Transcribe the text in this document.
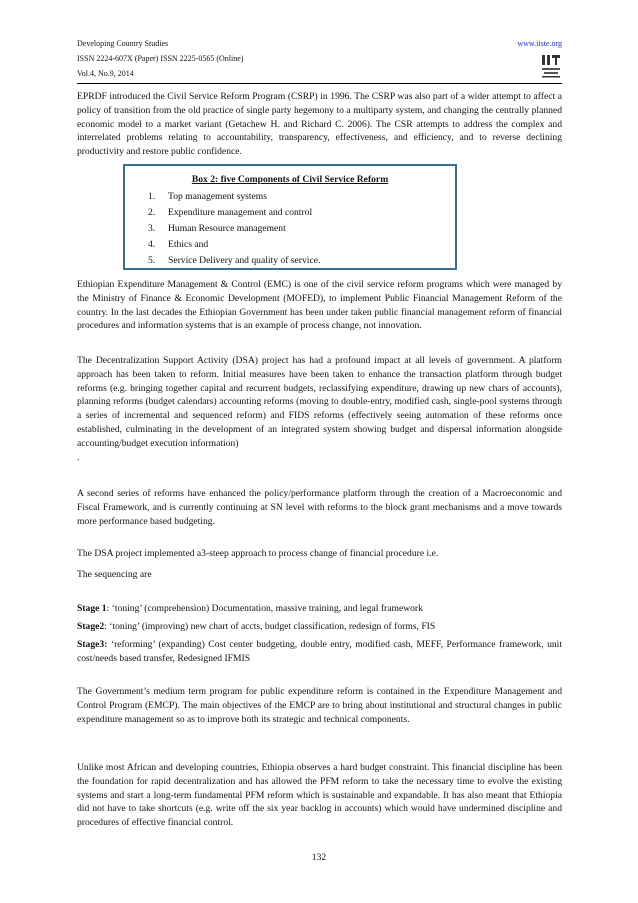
Developing Country Studies
ISSN 2224-607X (Paper) ISSN 2225-0565 (Online)
Vol.4, No.9, 2014
www.iiste.org

EPRDF introduced the Civil Service Reform Program (CSRP) in 1996. The CSRP was also part of a wider attempt to affect a policy of transition from the old practice of single party hegemony to a multiparty system, and changing the centrally planned economic model to a market variant (Getachew H. and Richard C. 2006). The CSR attempts to address the complex and interrelated problems relating to accountability, transparency, effectiveness, and efficiency, and to reverse declining productivity and restore public confidence.

Box 2: five Components of Civil Service Reform
1. Top management systems
2. Expenditure management and control
3. Human Resource management
4. Ethics and
5. Service Delivery and quality of service.

Ethiopian Expenditure Management & Control (EMC) is one of the civil service reform programs which were managed by the Ministry of Finance & Economic Development (MOFED), to implement Public Financial Management Reform of the country. In the last decades the Ethiopian Government has been under taken public financial management reform of financial procedures and information systems that is an example of process change, not innovation.

The Decentralization Support Activity (DSA) project has had a profound impact at all levels of government. A platform approach has been taken to reform. Initial measures have been taken to enhance the transaction platform through budget reforms (e.g. bringing together capital and recurrent budgets, reclassifying expenditure, drawing up new chars of accounts), planning reforms (budget calendars) accounting reforms (moving to double-entry, modified cash, single-pool systems through a series of incremental and sequenced reform) and FIDS reforms (effectively seeing automation of these reforms once established, culminating in the development of an integrated system showing budget and dispersal information alongside accounting/budget execution information)

.

A second series of reforms have enhanced the policy/performance platform through the creation of a Macroeconomic and Fiscal Framework, and is currently continuing at SN level with reforms to the block grant mechanisms and a move towards more performance based budgeting.

The DSA project implemented a3-steep approach to process change of financial procedure i.e.

The sequencing are

Stage 1: ‘toning’ (comprehension) Documentation, massive training, and legal framework

Stage2: ‘toning’ (improving) new chart of accts, budget classification, redesign of forms, FIS

Stage3: ‘reforming’ (expanding) Cost center budgeting, double entry, modified cash, MEFF, Performance framework, unit cost/needs based transfer, Redesigned IFMIS

The Government’s medium term program for public expenditure reform is contained in the Expenditure Management and Control Program (EMCP). The main objectives of the EMCP are to bring about institutional and structural changes in public expenditure management so as to improve both its strategic and technical components.

Unlike most African and developing countries, Ethiopia observes a hard budget constraint. This financial discipline has been the foundation for rapid decentralization and has allowed the PFM reform to take the necessary time to evolve the existing systems and start a long-term fundamental PFM reform which is sustainable and expandable. It has also meant that Ethiopia did not have to take shortcuts (e.g. write off the six year backlog in accounts) which would have undermined discipline and procedures of effective financial control.

132
